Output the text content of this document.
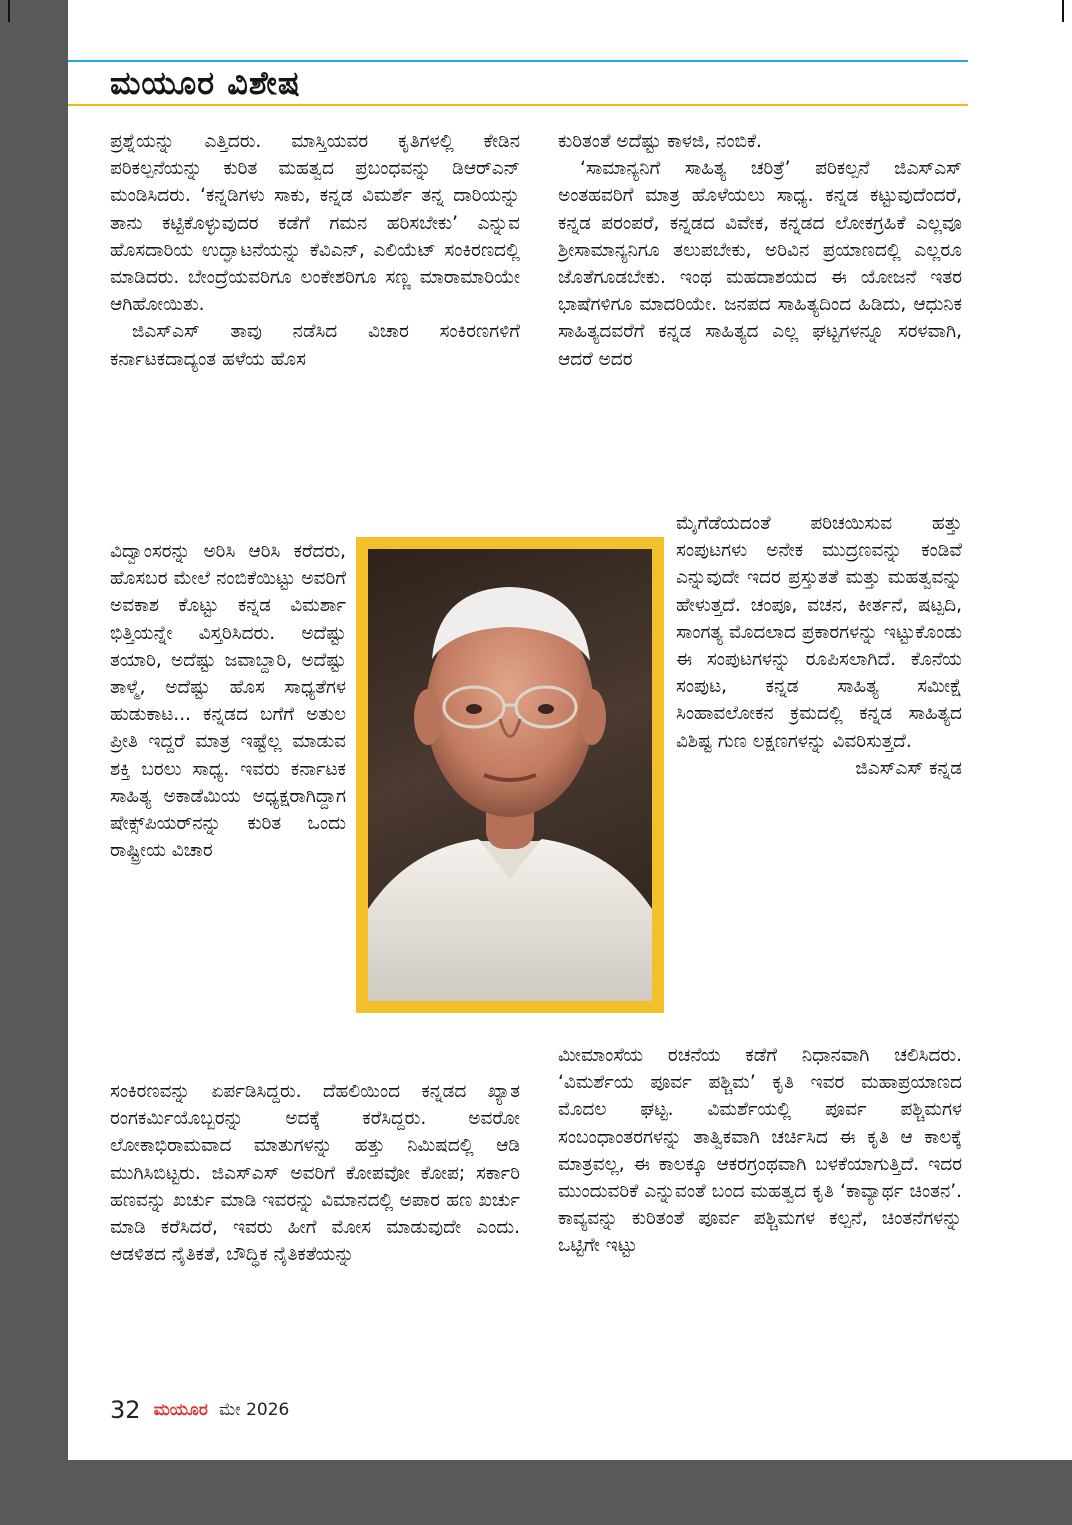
ಮಯೂರ ವಿಶೇಷ

ಪ್ರಶ್ನೆಯನ್ನು ಎತ್ತಿದರು. ಮಾಸ್ತಿಯವರ ಕೃತಿಗಳಲ್ಲಿ ಕೇಡಿನ ಪರಿಕಲ್ಪನೆಯನ್ನು ಕುರಿತ ಮಹತ್ವದ ಪ್ರಬಂಧವನ್ನು ಡಿಆರ್‌ಎನ್ ಮಂಡಿಸಿದರು. ‘ಕನ್ನಡಿಗಳು ಸಾಕು, ಕನ್ನಡ ವಿಮರ್ಶೆ ತನ್ನ ದಾರಿಯನ್ನು ತಾನು ಕಟ್ಟಿಕೊಳ್ಳುವುದರ ಕಡೆಗೆ ಗಮನ ಹರಿಸಬೇಕು’ ಎನ್ನುವ ಹೊಸದಾರಿಯ ಉದ್ಘಾಟನೆಯನ್ನು ಕೆವಿಎನ್, ಎಲಿಯೆಟ್ ಸಂಕಿರಣದಲ್ಲಿ ಮಾಡಿದರು. ಬೇಂದ್ರೆಯವರಿಗೂ ಲಂಕೇಶರಿಗೂ ಸಣ್ಣ ಮಾರಾಮಾರಿಯೇ ಆಗಿಹೋಯಿತು.

ಜಿಎಸ್‌ಎಸ್ ತಾವು ನಡೆಸಿದ ವಿಚಾರ ಸಂಕಿರಣಗಳಿಗೆ ಕರ್ನಾಟಕದಾದ್ಯಂತ ಹಳೆಯ ಹೊಸ

ವಿದ್ವಾಂಸರನ್ನು ಅರಿಸಿ ಆರಿಸಿ ಕರೆದರು, ಹೊಸಬರ ಮೇಲೆ ನಂಬಿಕೆಯಿಟ್ಟು ಅವರಿಗೆ ಅವಕಾಶ ಕೊಟ್ಟು ಕನ್ನಡ ವಿಮರ್ಶಾ ಭಿತ್ತಿಯನ್ನೇ ವಿಸ್ತರಿಸಿದರು. ಅದೆಷ್ಟು ತಯಾರಿ, ಅದೆಷ್ಟು ಜವಾಬ್ದಾರಿ, ಅದೆಷ್ಟು ತಾಳ್ಮೆ, ಅದೆಷ್ಟು ಹೊಸ ಸಾಧ್ಯತೆಗಳ ಹುಡುಕಾಟ... ಕನ್ನಡದ ಬಗೆಗೆ ಅತುಲ ಪ್ರೀತಿ ಇದ್ದರೆ ಮಾತ್ರ ಇಷ್ಟೆಲ್ಲ ಮಾಡುವ ಶಕ್ತಿ ಬರಲು ಸಾಧ್ಯ. ಇವರು ಕರ್ನಾಟಕ ಸಾಹಿತ್ಯ ಅಕಾಡೆಮಿಯ ಅಧ್ಯಕ್ಷರಾಗಿದ್ದಾಗ ಷೇಕ್ಸ್‌ಪಿಯರ್‌ನನ್ನು ಕುರಿತ ಒಂದು ರಾಷ್ಟ್ರೀಯ ವಿಚಾರ

ಸಂಕಿರಣವನ್ನು ಏರ್ಪಡಿಸಿದ್ದರು. ದೆಹಲಿಯಿಂದ ಕನ್ನಡದ ಖ್ಯಾತ ರಂಗಕರ್ಮಿಯೊಬ್ಬರನ್ನು ಅದಕ್ಕೆ ಕರೆಸಿದ್ದರು. ಅವರೋ ಲೋಕಾಭಿರಾಮವಾದ ಮಾತುಗಳನ್ನು ಹತ್ತು ನಿಮಿಷದಲ್ಲಿ ಆಡಿ ಮುಗಿಸಿಬಿಟ್ಟರು. ಜಿಎಸ್‌ಎಸ್ ಅವರಿಗೆ ಕೋಪವೋ ಕೋಪ; ಸರ್ಕಾರಿ ಹಣವನ್ನು ಖರ್ಚು ಮಾಡಿ ಇವರನ್ನು ವಿಮಾನದಲ್ಲಿ ಅಪಾರ ಹಣ ಖರ್ಚು ಮಾಡಿ ಕರೆಸಿದರೆ, ಇವರು ಹೀಗೆ ಮೋಸ ಮಾಡುವುದೇ ಎಂದು. ಆಡಳಿತದ ನೈತಿಕತೆ, ಬೌದ್ಧಿಕ ನೈತಿಕತೆಯನ್ನು

ಕುರಿತಂತೆ ಅದೆಷ್ಟು ಕಾಳಜಿ, ನಂಬಿಕೆ.

‘ಸಾಮಾನ್ಯನಿಗೆ ಸಾಹಿತ್ಯ ಚರಿತ್ರೆ’ ಪರಿಕಲ್ಪನೆ ಜಿಎಸ್‌ಎಸ್ ಅಂತಹವರಿಗೆ ಮಾತ್ರ ಹೊಳೆಯಲು ಸಾಧ್ಯ. ಕನ್ನಡ ಕಟ್ಟುವುದೆಂದರೆ, ಕನ್ನಡ ಪರಂಪರೆ, ಕನ್ನಡದ ವಿವೇಕ, ಕನ್ನಡದ ಲೋಕಗ್ರಹಿಕೆ ಎಲ್ಲವೂ ಶ್ರೀಸಾಮಾನ್ಯನಿಗೂ ತಲುಪಬೇಕು, ಅರಿವಿನ ಪ್ರಯಾಣದಲ್ಲಿ ಎಲ್ಲರೂ ಜೊತೆಗೂಡಬೇಕು. ಇಂಥ ಮಹದಾಶಯದ ಈ ಯೋಜನೆ ಇತರ ಭಾಷೆಗಳಿಗೂ ಮಾದರಿಯೇ. ಜನಪದ ಸಾಹಿತ್ಯದಿಂದ ಹಿಡಿದು, ಆಧುನಿಕ ಸಾಹಿತ್ಯದವರೆಗೆ ಕನ್ನಡ ಸಾಹಿತ್ಯದ ಎಲ್ಲ ಘಟ್ಟಗಳನ್ನೂ ಸರಳವಾಗಿ, ಆದರೆ ಅದರ

ಮೈಗೆಡೆಯದಂತೆ ಪರಿಚಯಿಸುವ ಹತ್ತು ಸಂಪುಟಗಳು ಅನೇಕ ಮುದ್ರಣವನ್ನು ಕಂಡಿವೆ ಎನ್ನುವುದೇ ಇದರ ಪ್ರಸ್ತುತತೆ ಮತ್ತು ಮಹತ್ವವನ್ನು ಹೇಳುತ್ತದೆ. ಚಂಪೂ, ವಚನ, ಕೀರ್ತನೆ, ಷಟ್ಪದಿ, ಸಾಂಗತ್ಯ ಮೊದಲಾದ ಪ್ರಕಾರಗಳನ್ನು ಇಟ್ಟುಕೊಂಡು ಈ ಸಂಪುಟಗಳನ್ನು ರೂಪಿಸಲಾಗಿದೆ. ಕೊನೆಯ ಸಂಪುಟ, ಕನ್ನಡ ಸಾಹಿತ್ಯ ಸಮೀಕ್ಷೆ ಸಿಂಹಾವಲೋಕನ ಕ್ರಮದಲ್ಲಿ ಕನ್ನಡ ಸಾಹಿತ್ಯದ ವಿಶಿಷ್ಟ ಗುಣ ಲಕ್ಷಣಗಳನ್ನು ವಿವರಿಸುತ್ತದೆ.

ಜಿಎಸ್‌ಎಸ್ ಕನ್ನಡ

ಮೀಮಾಂಸೆಯ ರಚನೆಯ ಕಡೆಗೆ ನಿಧಾನವಾಗಿ ಚಲಿಸಿದರು. ‘ವಿಮರ್ಶೆಯ ಪೂರ್ವ ಪಶ್ಚಿಮ’ ಕೃತಿ ಇವರ ಮಹಾಪ್ರಯಾಣದ ಮೊದಲ ಘಟ್ಟ. ವಿಮರ್ಶೆಯಲ್ಲಿ ಪೂರ್ವ ಪಶ್ಚಿಮಗಳ ಸಂಬಂಧಾಂತರಗಳನ್ನು ತಾತ್ವಿಕವಾಗಿ ಚರ್ಚಿಸಿದ ಈ ಕೃತಿ ಆ ಕಾಲಕ್ಕೆ ಮಾತ್ರವಲ್ಲ, ಈ ಕಾಲಕ್ಕೂ ಆಕರಗ್ರಂಥವಾಗಿ ಬಳಕೆಯಾಗುತ್ತಿದೆ. ಇದರ ಮುಂದುವರಿಕೆ ಎನ್ನುವಂತೆ ಬಂದ ಮಹತ್ವದ ಕೃತಿ ‘ಕಾವ್ಯಾರ್ಥ ಚಿಂತನ’. ಕಾವ್ಯವನ್ನು ಕುರಿತಂತೆ ಪೂರ್ವ ಪಶ್ಚಿಮಗಳ ಕಲ್ಪನೆ, ಚಿಂತನೆಗಳನ್ನು ಒಟ್ಟಿಗೇ ಇಟ್ಟು

32 ಮಯೂರ ಮೇ 2026
